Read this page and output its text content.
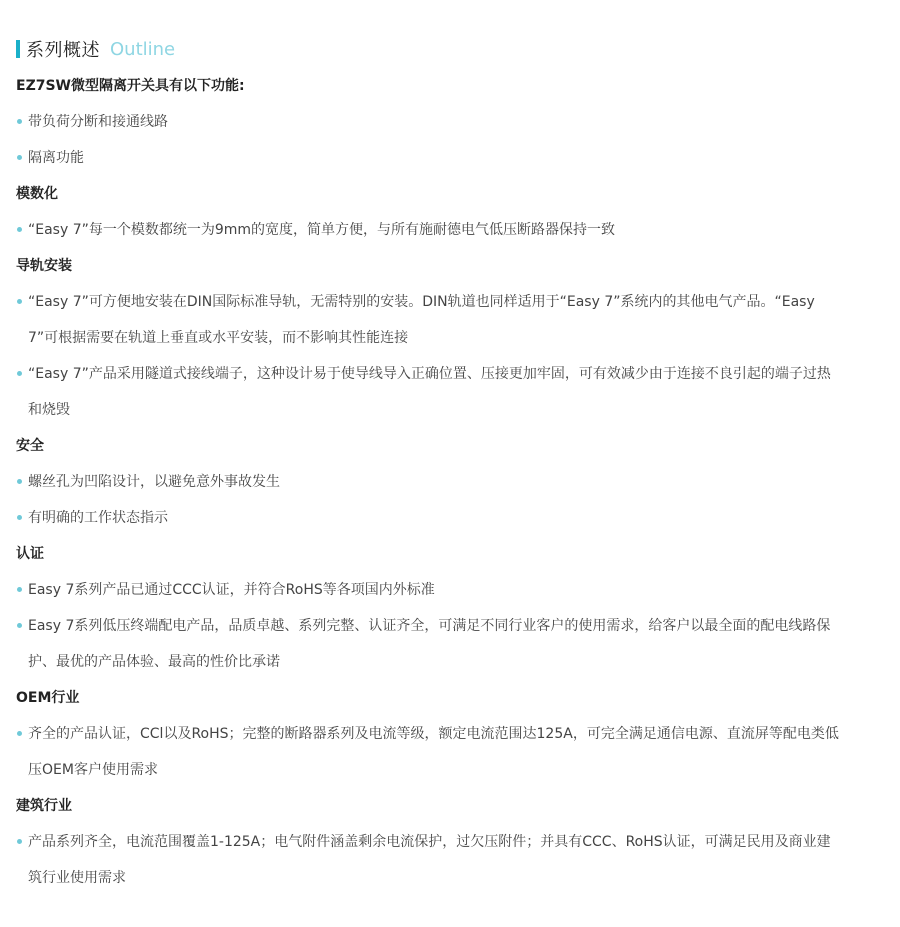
系列概述 Outline
EZ7SW微型隔离开关具有以下功能:
带负荷分断和接通线路
隔离功能
模数化
“Easy 7”每一个模数都统一为9mm的宽度，简单方便，与所有施耐德电气低压断路器保持一致
导轨安装
“Easy 7”可方便地安装在DIN国际标准导轨，无需特别的安装。DIN轨道也同样适用于“Easy 7”系统内的其他电气产品。“Easy
7”可根据需要在轨道上垂直或水平安装，而不影响其性能连接
“Easy 7”产品采用隧道式接线端子，这种设计易于使导线导入正确位置、压接更加牢固，可有效减少由于连接不良引起的端子过热
和烧毁
安全
螺丝孔为凹陷设计，以避免意外事故发生
有明确的工作状态指示
认证
Easy 7系列产品已通过CCC认证，并符合RoHS等各项国内外标准
Easy 7系列低压终端配电产品，品质卓越、系列完整、认证齐全，可满足不同行业客户的使用需求，给客户以最全面的配电线路保
护、最优的产品体验、最高的性价比承诺
OEM行业
齐全的产品认证，CCl以及RoHS；完整的断路器系列及电流等级，额定电流范围达125A，可完全满足通信电源、直流屏等配电类低
压OEM客户使用需求
建筑行业
产品系列齐全，电流范围覆盖1-125A；电气附件涵盖剩余电流保护，过欠压附件；并具有CCC、RoHS认证，可满足民用及商业建
筑行业使用需求
